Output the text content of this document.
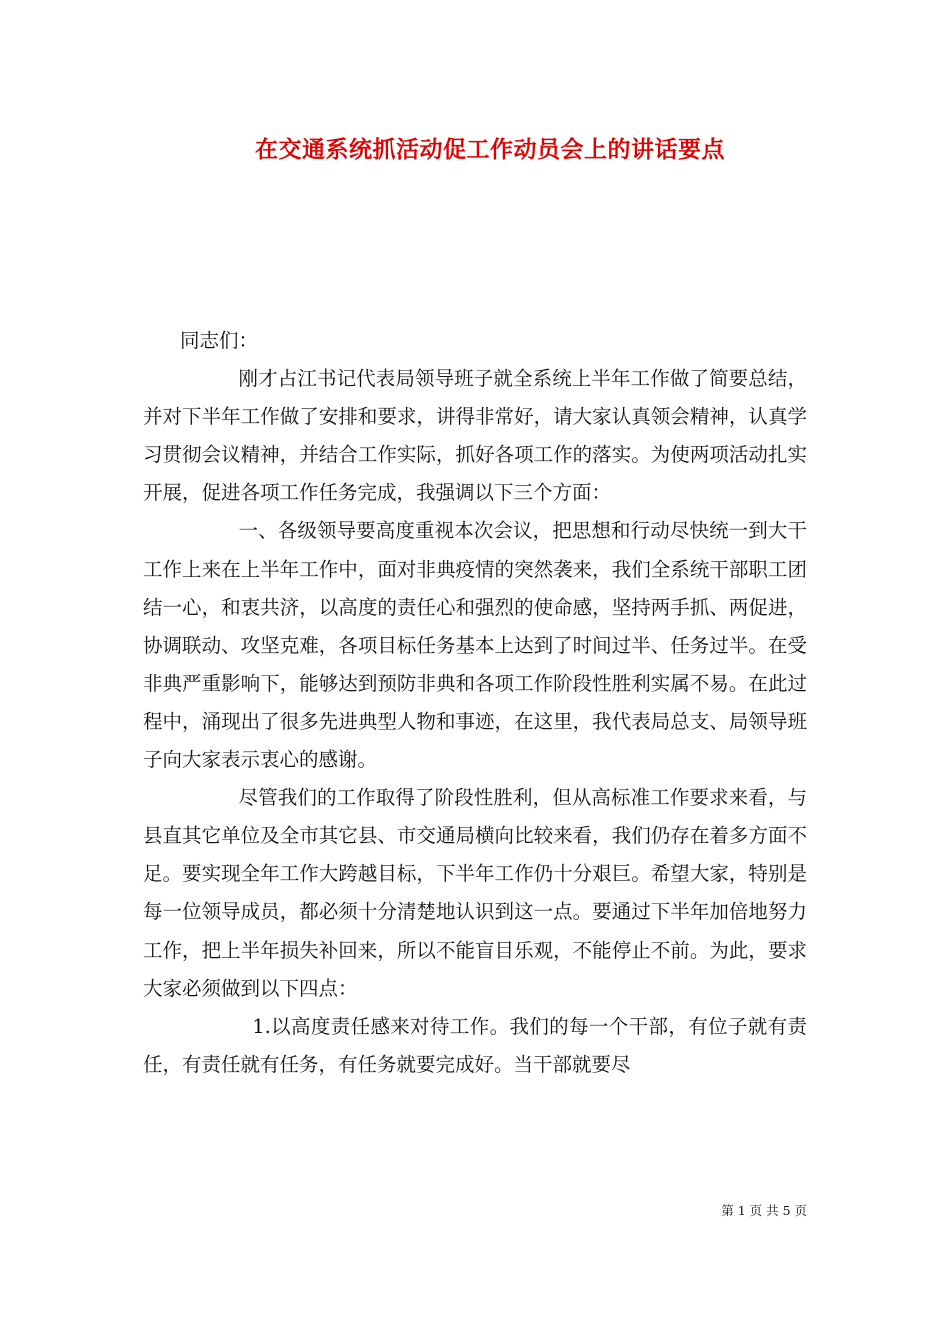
在交通系统抓活动促工作动员会上的讲话要点

同志们：

刚才占江书记代表局领导班子就全系统上半年工作做了简要总结，并对下半年工作做了安排和要求，讲得非常好，请大家认真领会精神，认真学习贯彻会议精神，并结合工作实际，抓好各项工作的落实。为使两项活动扎实开展，促进各项工作任务完成，我强调以下三个方面：

一、各级领导要高度重视本次会议，把思想和行动尽快统一到大干工作上来在上半年工作中，面对非典疫情的突然袭来，我们全系统干部职工团结一心，和衷共济，以高度的责任心和强烈的使命感，坚持两手抓、两促进，协调联动、攻坚克难，各项目标任务基本上达到了时间过半、任务过半。在受非典严重影响下，能够达到预防非典和各项工作阶段性胜利实属不易。在此过程中，涌现出了很多先进典型人物和事迹，在这里，我代表局总支、局领导班子向大家表示衷心的感谢。

尽管我们的工作取得了阶段性胜利，但从高标准工作要求来看，与县直其它单位及全市其它县、市交通局横向比较来看，我们仍存在着多方面不足。要实现全年工作大跨越目标，下半年工作仍十分艰巨。希望大家，特别是每一位领导成员，都必须十分清楚地认识到这一点。要通过下半年加倍地努力工作，把上半年损失补回来，所以不能盲目乐观，不能停止不前。为此，要求大家必须做到以下四点：

1.以高度责任感来对待工作。我们的每一个干部，有位子就有责任，有责任就有任务，有任务就要完成好。当干部就要尽

第 1 页 共 5 页
